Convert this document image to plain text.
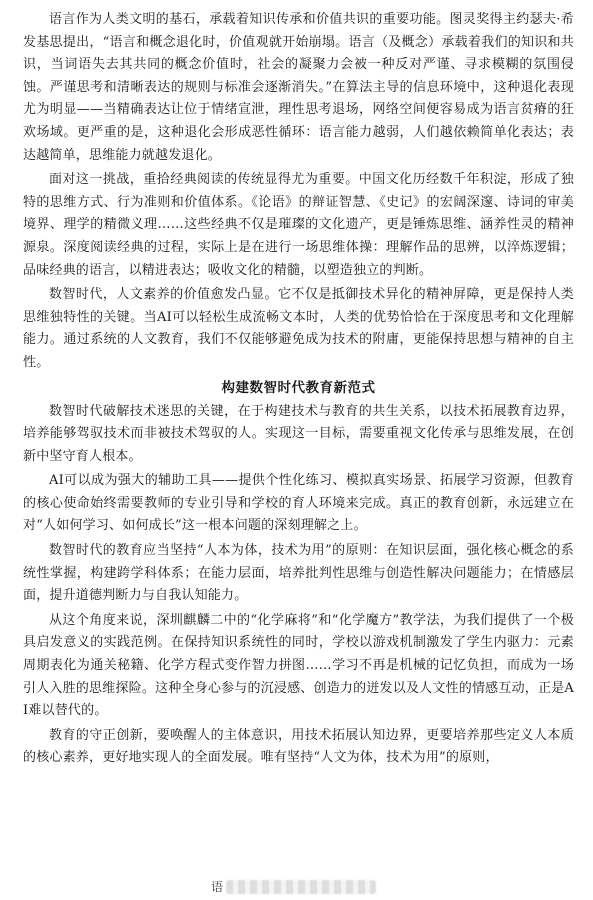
语言作为人类文明的基石，承载着知识传承和价值共识的重要功能。图灵奖得主约瑟夫·希发基思提出，“语言和概念退化时，价值观就开始崩塌。语言（及概念）承载着我们的知识和共识，当词语失去其共同的概念价值时，社会的凝聚力会被一种反对严谨、寻求模糊的氛围侵蚀。严谨思考和清晰表达的规则与标准会逐渐消失。”在算法主导的信息环境中，这种退化表现尤为明显——当精确表达让位于情绪宣泄，理性思考退场，网络空间便容易成为语言贫瘠的狂欢场域。更严重的是，这种退化会形成恶性循环：语言能力越弱，人们越依赖简单化表达；表达越简单，思维能力就越发退化。

面对这一挑战，重拾经典阅读的传统显得尤为重要。中国文化历经数千年积淀，形成了独特的思维方式、行为准则和价值体系。《论语》的辩证智慧、《史记》的宏阔深邃、诗词的审美境界、理学的精微义理……这些经典不仅是璀璨的文化遗产，更是锤炼思维、涵养性灵的精神源泉。深度阅读经典的过程，实际上是在进行一场思维体操：理解作品的思辨，以淬炼逻辑；品味经典的语言，以精进表达；吸收文化的精髓，以塑造独立的判断。

数智时代，人文素养的价值愈发凸显。它不仅是抵御技术异化的精神屏障，更是保持人类思维独特性的关键。当AI可以轻松生成流畅文本时，人类的优势恰恰在于深度思考和文化理解能力。通过系统的人文教育，我们不仅能够避免成为技术的附庸，更能保持思想与精神的自主性。

构建数智时代教育新范式

数智时代破解技术迷思的关键，在于构建技术与教育的共生关系，以技术拓展教育边界，培养能够驾驭技术而非被技术驾驭的人。实现这一目标，需要重视文化传承与思维发展，在创新中坚守育人根本。

AI可以成为强大的辅助工具——提供个性化练习、模拟真实场景、拓展学习资源，但教育的核心使命始终需要教师的专业引导和学校的育人环境来完成。真正的教育创新，永远建立在对“人如何学习、如何成长”这一根本问题的深刻理解之上。

数智时代的教育应当坚持“人本为体，技术为用”的原则：在知识层面，强化核心概念的系统性掌握，构建跨学科体系；在能力层面，培养批判性思维与创造性解决问题能力；在情感层面，提升道德判断力与自我认知能力。

从这个角度来说，深圳麒麟二中的“化学麻将”和“化学魔方”教学法，为我们提供了一个极具启发意义的实践范例。在保持知识系统性的同时，学校以游戏机制激发了学生内驱力：元素周期表化为通关秘籍、化学方程式变作智力拼图……学习不再是机械的记忆负担，而成为一场引人入胜的思维探险。这种全身心参与的沉浸感、创造力的迸发以及人文性的情感互动，正是AI难以替代的。

教育的守正创新，要唤醒人的主体意识，用技术拓展认知边界，更要培养那些定义人本质的核心素养，更好地实现人的全面发展。唯有坚持“人文为体，技术为用”的原则，

语
